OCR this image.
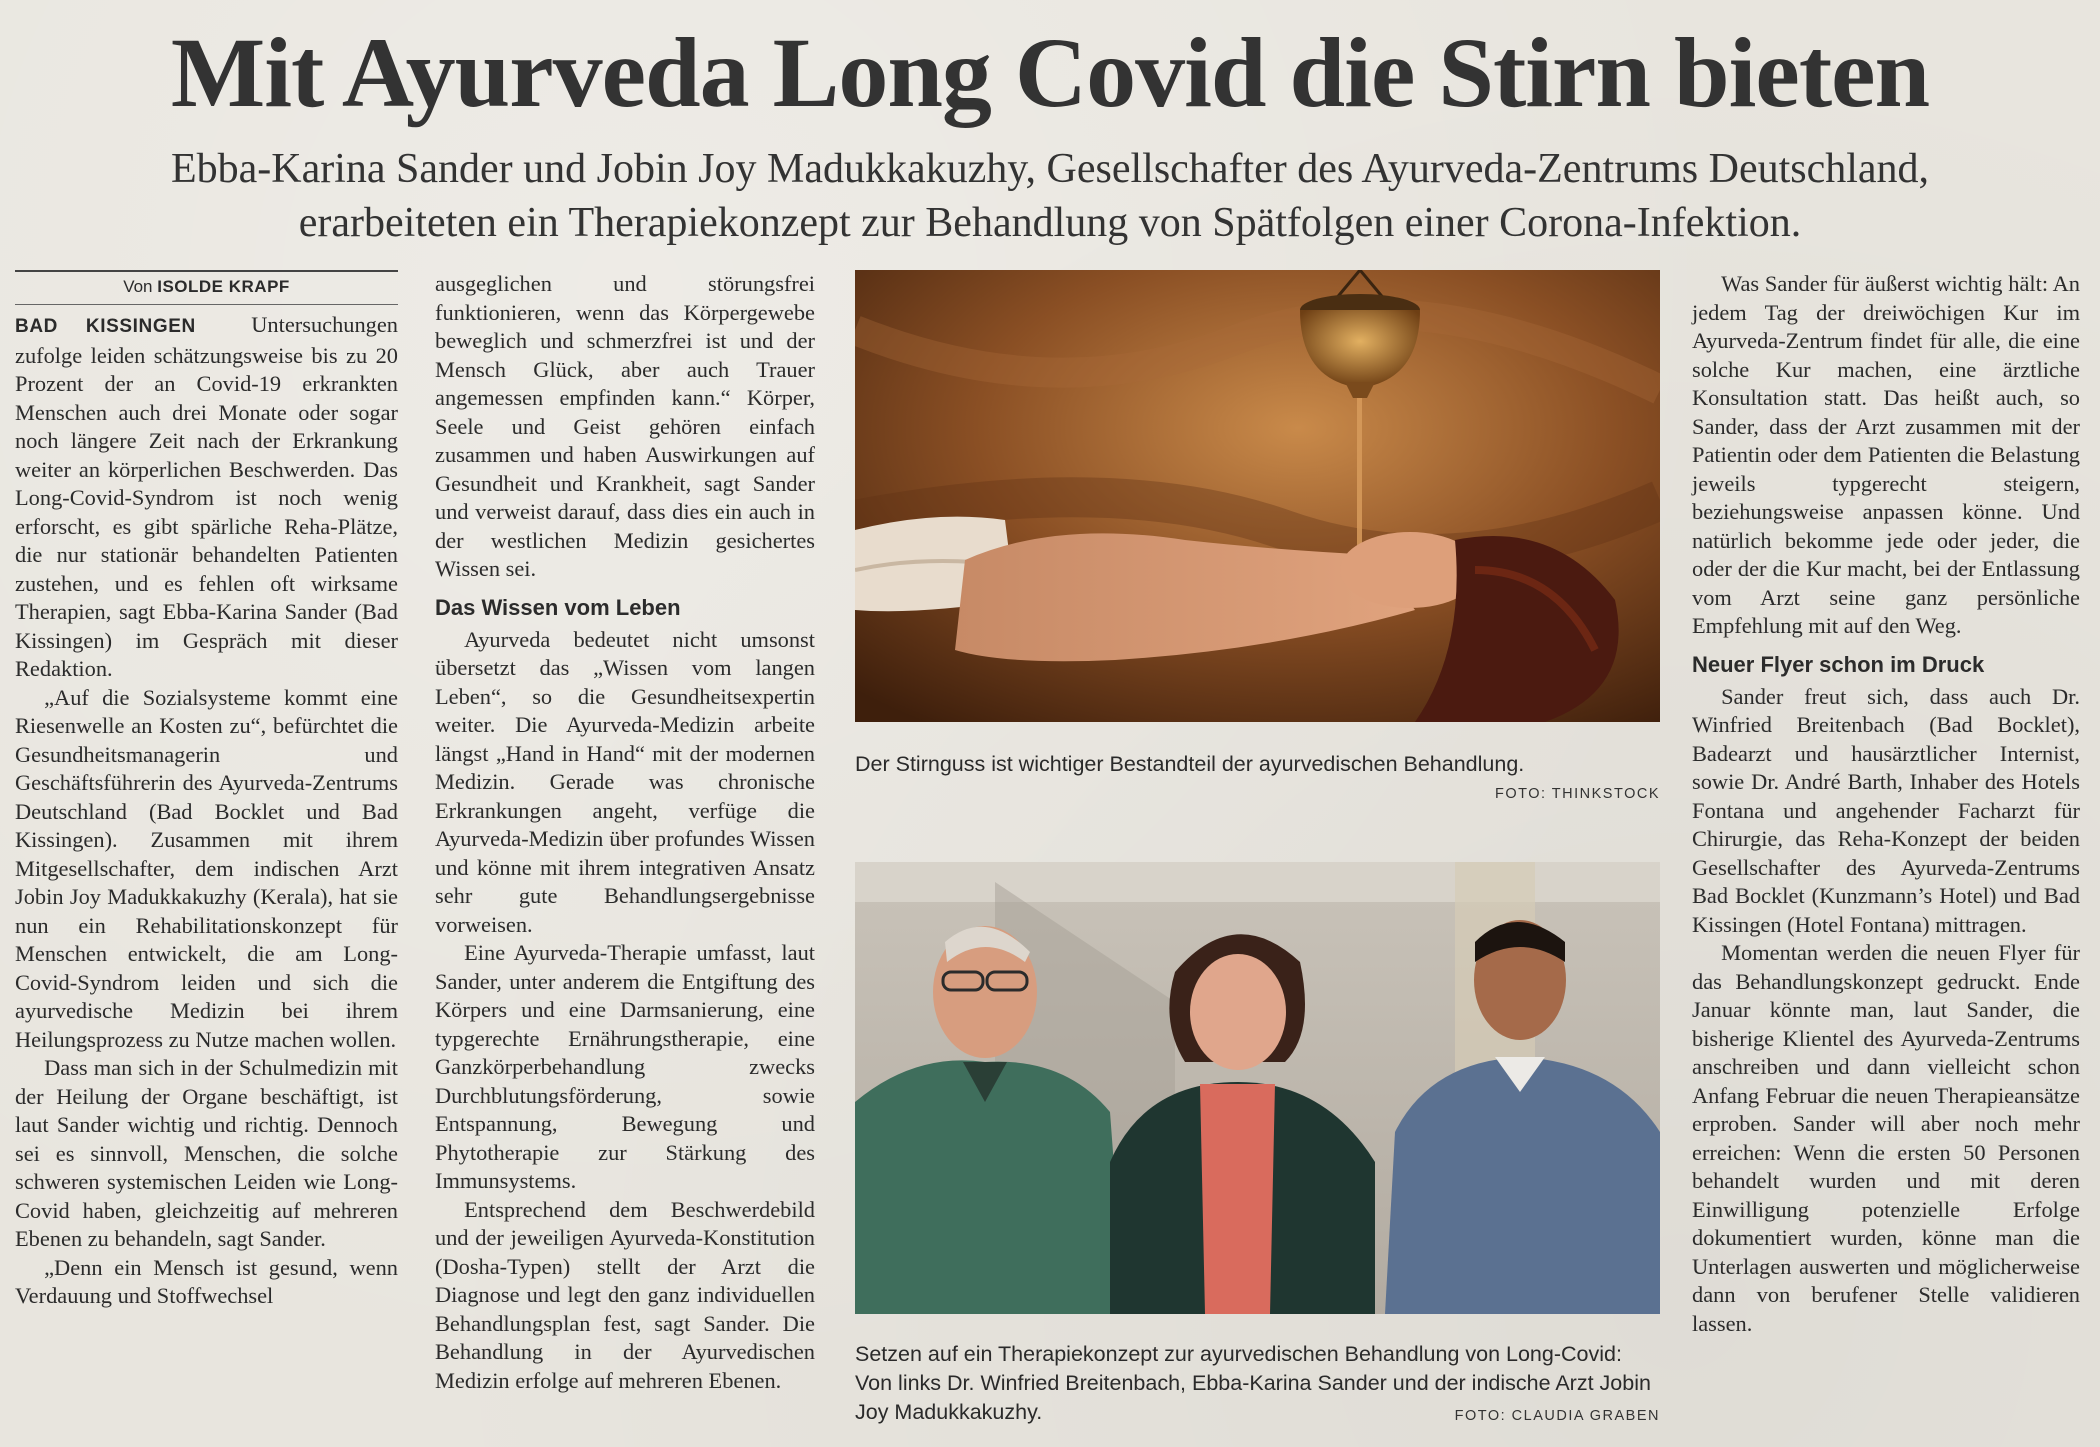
Mit Ayurveda Long Covid die Stirn bieten
Ebba-Karina Sander und Jobin Joy Madukkakuzhy, Gesellschafter des Ayurveda-Zentrums Deutschland,
erarbeiteten ein Therapiekonzept zur Behandlung von Spätfolgen einer Corona-Infektion.
Von ISOLDE KRAPF

BAD KISSINGEN Untersuchungen zufolge leiden schätzungsweise bis zu 20 Prozent der an Covid-19 erkrankten Menschen auch drei Monate oder sogar noch längere Zeit nach der Erkrankung weiter an körperlichen Beschwerden. Das Long-Covid-Syndrom ist noch wenig erforscht, es gibt spärliche Reha-Plätze, die nur stationär behandelten Patienten zustehen, und es fehlen oft wirksame Therapien, sagt Ebba-Karina Sander (Bad Kissingen) im Gespräch mit dieser Redaktion.

„Auf die Sozialsysteme kommt eine Riesenwelle an Kosten zu“, befürchtet die Gesundheitsmanagerin und Geschäftsführerin des Ayurveda-Zentrums Deutschland (Bad Bocklet und Bad Kissingen). Zusammen mit ihrem Mitgesellschafter, dem indischen Arzt Jobin Joy Madukkakuzhy (Kerala), hat sie nun ein Rehabilitationskonzept für Menschen entwickelt, die am Long-Covid-Syndrom leiden und sich die ayurvedische Medizin bei ihrem Heilungsprozess zu Nutze machen wollen.

Dass man sich in der Schulmedizin mit der Heilung der Organe beschäftigt, ist laut Sander wichtig und richtig. Dennoch sei es sinnvoll, Menschen, die solche schweren systemischen Leiden wie Long-Covid haben, gleichzeitig auf mehreren Ebenen zu behandeln, sagt Sander.

„Denn ein Mensch ist gesund, wenn Verdauung und Stoffwechsel

ausgeglichen und störungsfrei funktionieren, wenn das Körpergewebe beweglich und schmerzfrei ist und der Mensch Glück, aber auch Trauer angemessen empfinden kann.“ Körper, Seele und Geist gehören einfach zusammen und haben Auswirkungen auf Gesundheit und Krankheit, sagt Sander und verweist darauf, dass dies ein auch in der westlichen Medizin gesichertes Wissen sei.

Das Wissen vom Leben

Ayurveda bedeutet nicht umsonst übersetzt das „Wissen vom langen Leben“, so die Gesundheitsexpertin weiter. Die Ayurveda-Medizin arbeite längst „Hand in Hand“ mit der modernen Medizin. Gerade was chronische Erkrankungen angeht, verfüge die Ayurveda-Medizin über profundes Wissen und könne mit ihrem integrativen Ansatz sehr gute Behandlungsergebnisse vorweisen.

Eine Ayurveda-Therapie umfasst, laut Sander, unter anderem die Entgiftung des Körpers und eine Darmsanierung, eine typgerechte Ernährungstherapie, eine Ganzkörperbehandlung zwecks Durchblutungsförderung, sowie Entspannung, Bewegung und Phytotherapie zur Stärkung des Immunsystems.

Entsprechend dem Beschwerdebild und der jeweiligen Ayurveda-Konstitution (Dosha-Typen) stellt der Arzt die Diagnose und legt den ganz individuellen Behandlungsplan fest, sagt Sander. Die Behandlung in der Ayurvedischen Medizin erfolge auf mehreren Ebenen.

Der Stirnguss ist wichtiger Bestandteil der ayurvedischen Behandlung.
FOTO: THINKSTOCK
Setzen auf ein Therapiekonzept zur ayurvedischen Behandlung von Long-Covid: Von links Dr. Winfried Breitenbach, Ebba-Karina Sander und der indische Arzt Jobin Joy Madukkakuzhy.	FOTO: CLAUDIA GRABEN

Was Sander für äußerst wichtig hält: An jedem Tag der dreiwöchigen Kur im Ayurveda-Zentrum findet für alle, die eine solche Kur machen, eine ärztliche Konsultation statt. Das heißt auch, so Sander, dass der Arzt zusammen mit der Patientin oder dem Patienten die Belastung jeweils typgerecht steigern, beziehungsweise anpassen könne. Und natürlich bekomme jede oder jeder, die oder der die Kur macht, bei der Entlassung vom Arzt seine ganz persönliche Empfehlung mit auf den Weg.

Neuer Flyer schon im Druck

Sander freut sich, dass auch Dr. Winfried Breitenbach (Bad Bocklet), Badearzt und hausärztlicher Internist, sowie Dr. André Barth, Inhaber des Hotels Fontana und angehender Facharzt für Chirurgie, das Reha-Konzept der beiden Gesellschafter des Ayurveda-Zentrums Bad Bocklet (Kunzmann’s Hotel) und Bad Kissingen (Hotel Fontana) mittragen.

Momentan werden die neuen Flyer für das Behandlungskonzept gedruckt. Ende Januar könnte man, laut Sander, die bisherige Klientel des Ayurveda-Zentrums anschreiben und dann vielleicht schon Anfang Februar die neuen Therapieansätze erproben. Sander will aber noch mehr erreichen: Wenn die ersten 50 Personen behandelt wurden und mit deren Einwilligung potenzielle Erfolge dokumentiert wurden, könne man die Unterlagen auswerten und möglicherweise dann von berufener Stelle validieren lassen.
